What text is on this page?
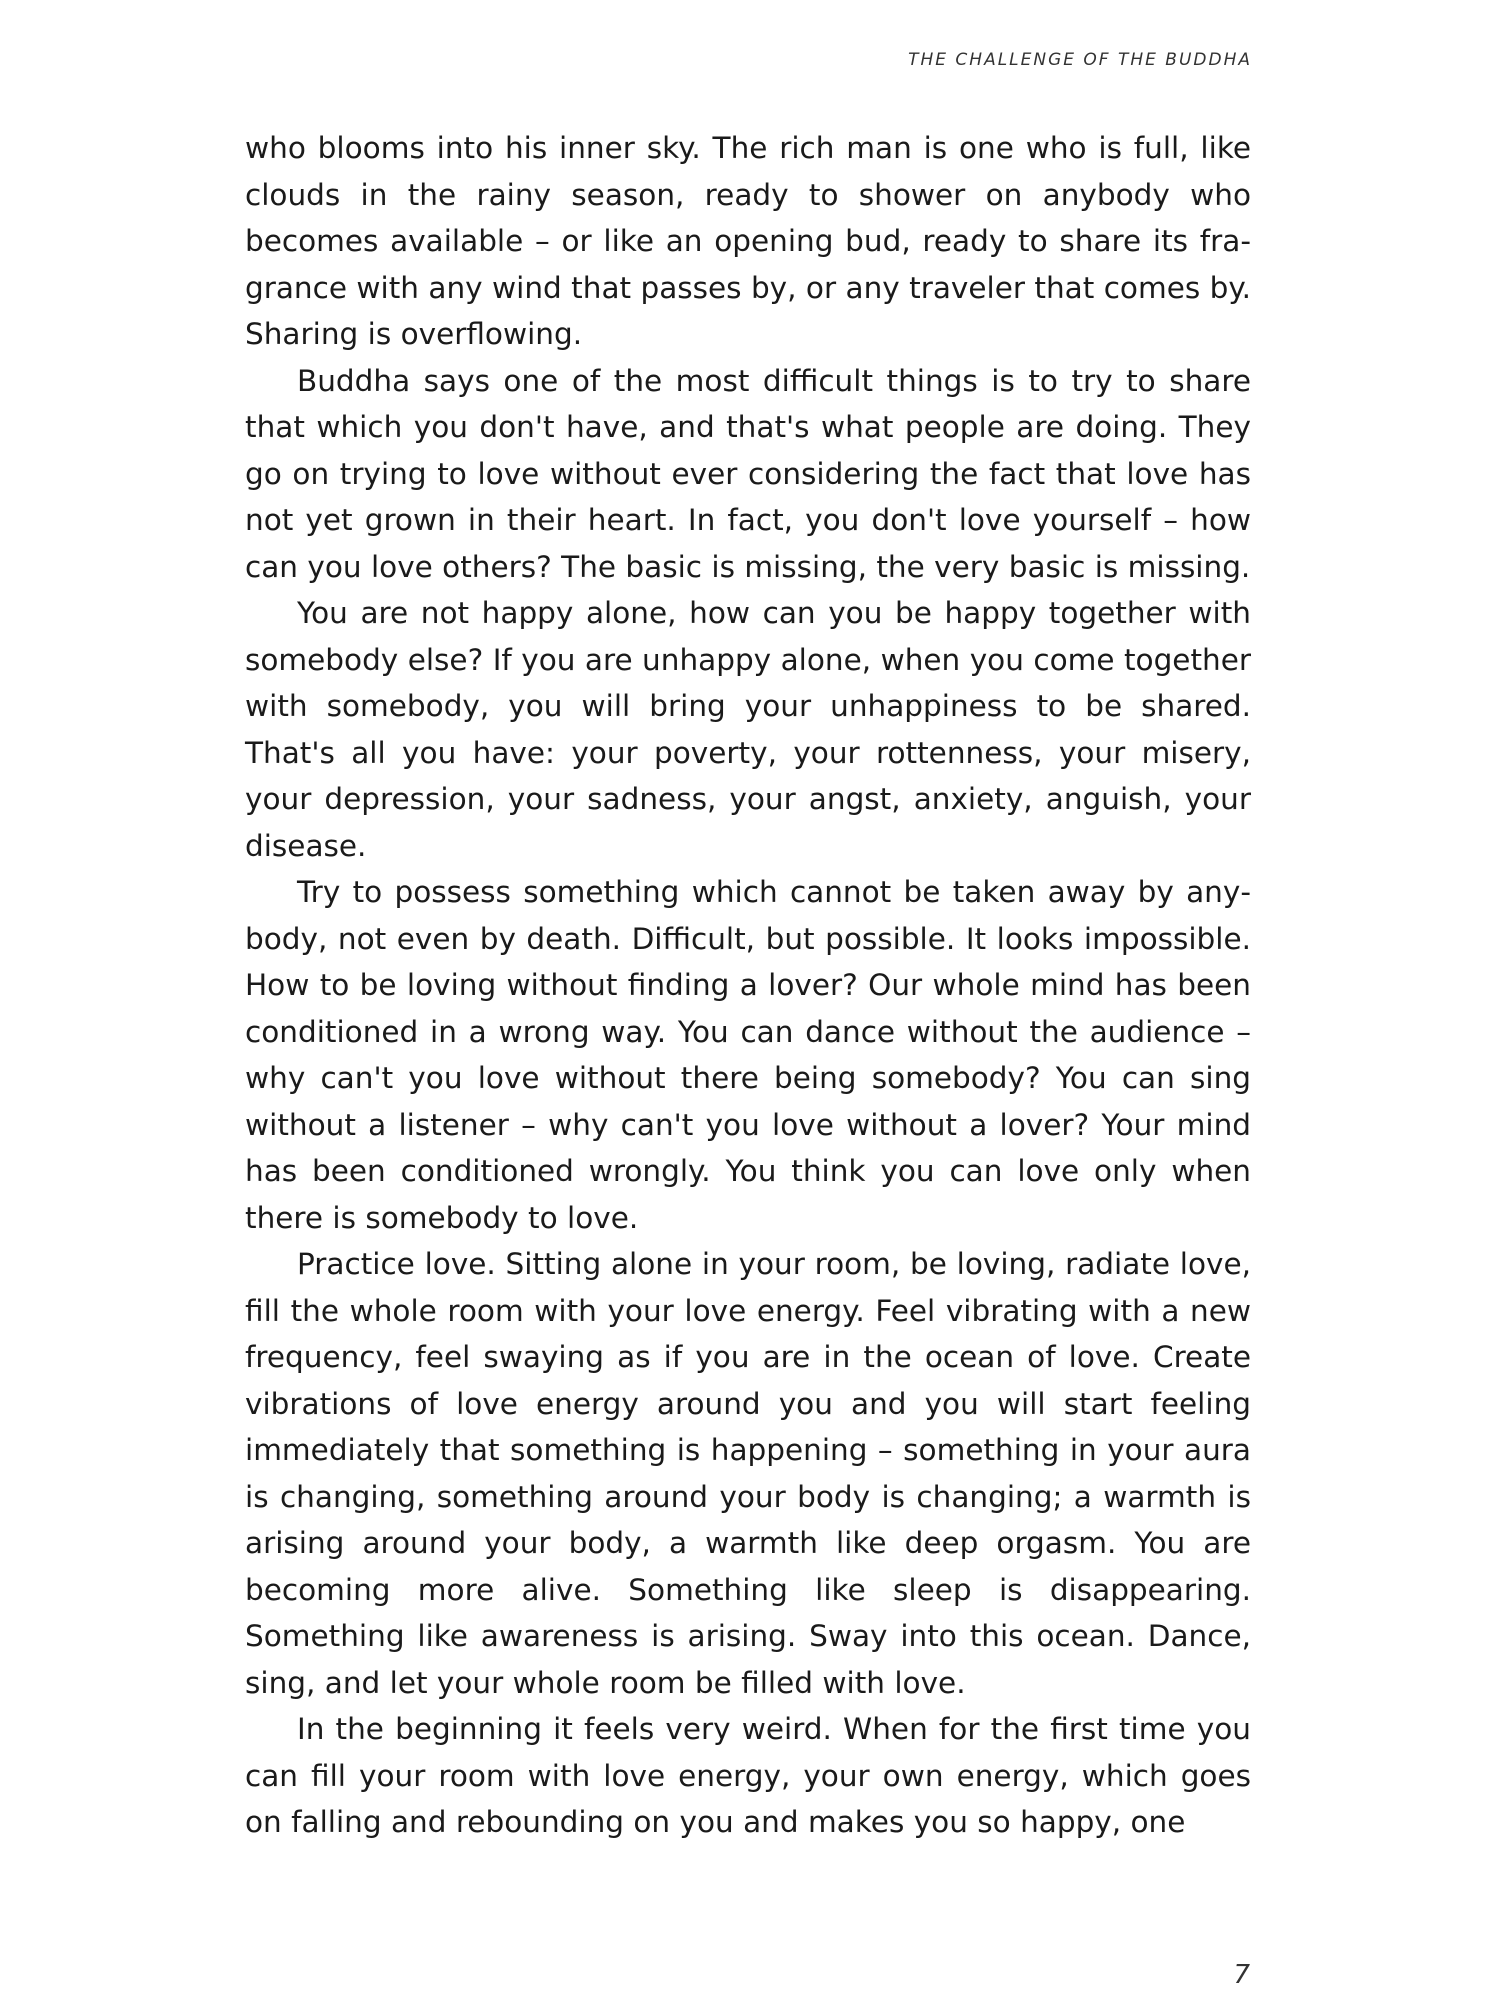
THE CHALLENGE OF THE BUDDHA

who blooms into his inner sky. The rich man is one who is full, like clouds in the rainy season, ready to shower on anybody who becomes available – or like an opening bud, ready to share its fragrance with any wind that passes by, or any traveler that comes by. Sharing is overflowing.

Buddha says one of the most difficult things is to try to share that which you don't have, and that's what people are doing. They go on trying to love without ever considering the fact that love has not yet grown in their heart. In fact, you don't love yourself – how can you love others? The basic is missing, the very basic is missing.

You are not happy alone, how can you be happy together with somebody else? If you are unhappy alone, when you come together with somebody, you will bring your unhappiness to be shared. That's all you have: your poverty, your rottenness, your misery, your depression, your sadness, your angst, anxiety, anguish, your disease.

Try to possess something which cannot be taken away by anybody, not even by death. Difficult, but possible. It looks impossible. How to be loving without finding a lover? Our whole mind has been conditioned in a wrong way. You can dance without the audience – why can't you love without there being somebody? You can sing without a listener – why can't you love without a lover? Your mind has been conditioned wrongly. You think you can love only when there is somebody to love.

Practice love. Sitting alone in your room, be loving, radiate love, fill the whole room with your love energy. Feel vibrating with a new frequency, feel swaying as if you are in the ocean of love. Create vibrations of love energy around you and you will start feeling immediately that something is happening – something in your aura is changing, something around your body is changing; a warmth is arising around your body, a warmth like deep orgasm. You are becoming more alive. Something like sleep is disappearing. Something like awareness is arising. Sway into this ocean. Dance, sing, and let your whole room be filled with love.

In the beginning it feels very weird. When for the first time you can fill your room with love energy, your own energy, which goes on falling and rebounding on you and makes you so happy, one

7
